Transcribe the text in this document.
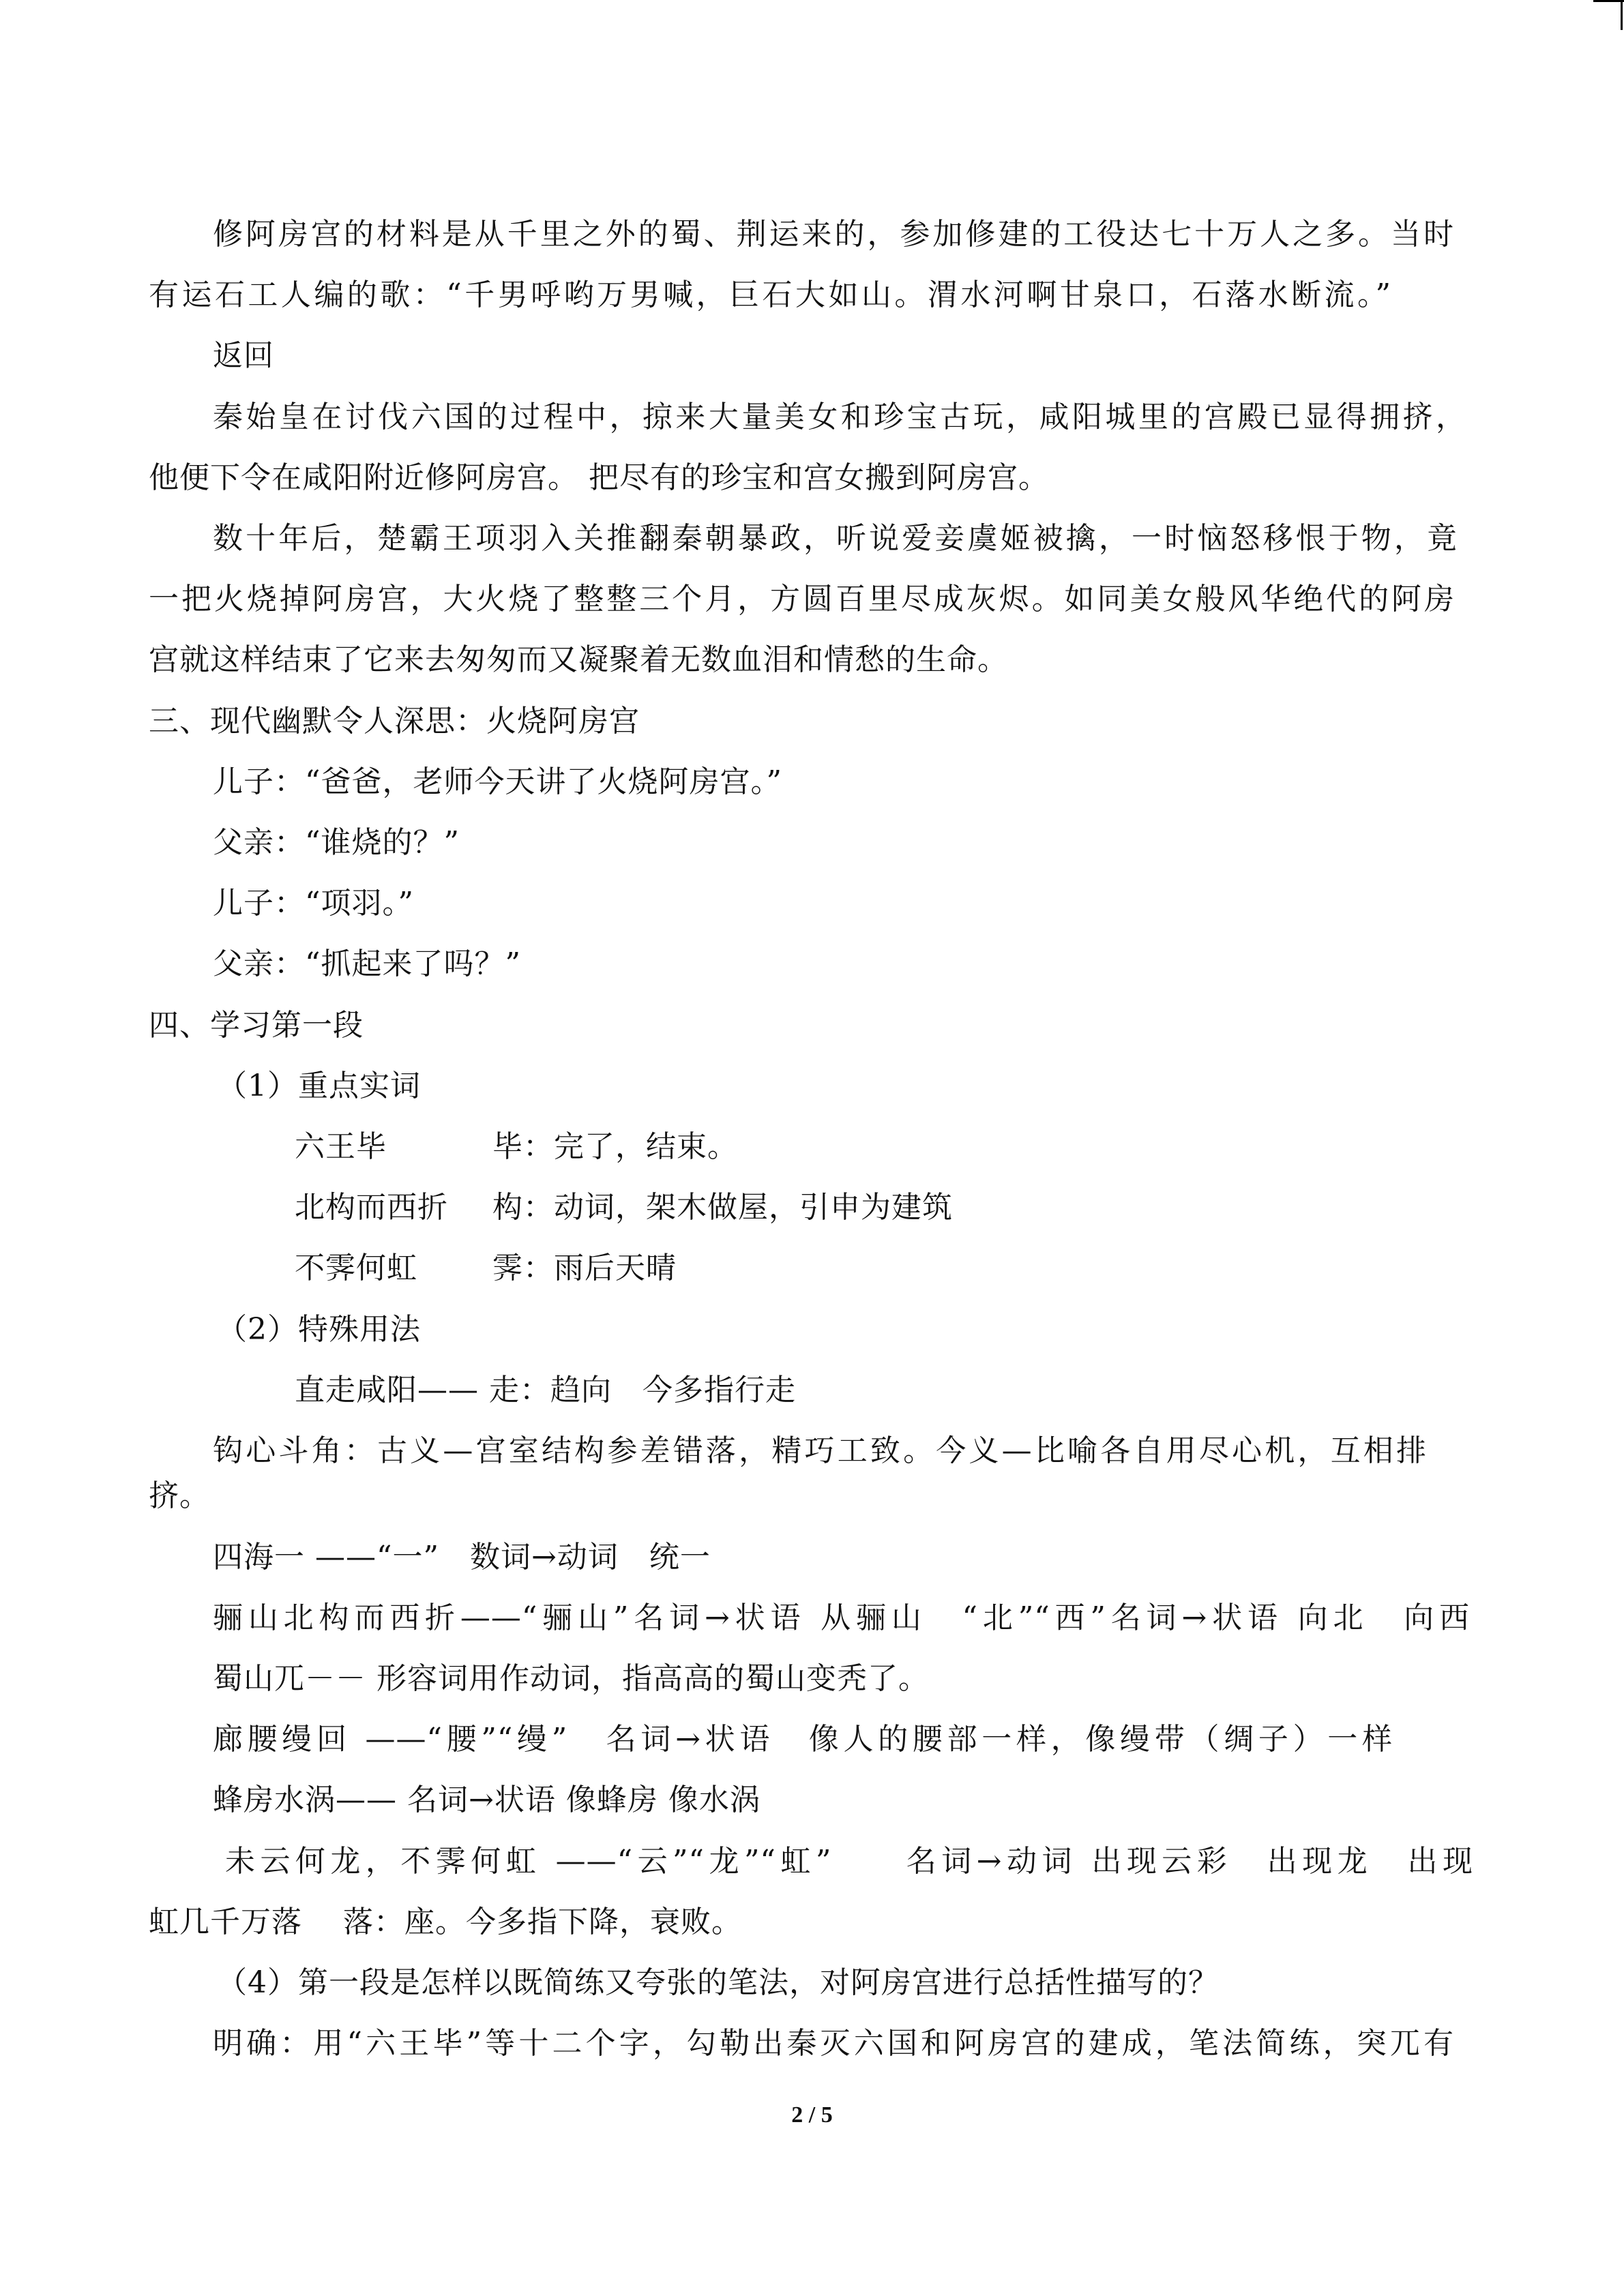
修阿房宫的材料是从千里之外的蜀、荆运来的，参加修建的工役达七十万人之多。当时
有运石工人编的歌：“千男呼哟万男喊，巨石大如山。渭水河啊甘泉口，石落水断流。”
返回
秦始皇在讨伐六国的过程中，掠来大量美女和珍宝古玩，咸阳城里的宫殿已显得拥挤，
他便下令在咸阳附近修阿房宫。 把尽有的珍宝和宫女搬到阿房宫。
数十年后，楚霸王项羽入关推翻秦朝暴政，听说爱妾虞姬被擒，一时恼怒移恨于物，竟
一把火烧掉阿房宫，大火烧了整整三个月，方圆百里尽成灰烬。如同美女般风华绝代的阿房
宫就这样结束了它来去匆匆而又凝聚着无数血泪和情愁的生命。
三、现代幽默令人深思：火烧阿房宫
儿子：“爸爸，老师今天讲了火烧阿房宫。”
父亲：“谁烧的？”
儿子：“项羽。”
父亲：“抓起来了吗？”
四、学习第一段
（1）重点实词
六王毕	毕：完了，结束。
北构而西折 构：动词，架木做屋，引申为建筑
不霁何虹	霁：雨后天晴
（2）特殊用法
直走咸阳—— 走：趋向　今多指行走
钩心斗角：古义—宫室结构参差错落，精巧工致。今义—比喻各自用尽心机，互相排
挤。
四海一 ——“一”　数词→动词　统一
骊山北构而西折——“骊山”名词→状语 从骊山　“北”“西”名词→状语 向北　向西
蜀山兀－－ 形容词用作动词，指高高的蜀山变秃了。
廊腰缦回 ——“腰”“缦”　名词→状语　像人的腰部一样，像缦带（绸子）一样
蜂房水涡—— 名词→状语 像蜂房 像水涡
未云何龙，不霁何虹 ——“云”“龙”“虹”　　名词→动词 出现云彩　出现龙　出现
虹几千万落　 落：座。今多指下降，衰败。
（4）第一段是怎样以既简练又夸张的笔法，对阿房宫进行总括性描写的？
明确：用“六王毕”等十二个字，勾勒出秦灭六国和阿房宫的建成，笔法简练，突兀有
2 / 5
